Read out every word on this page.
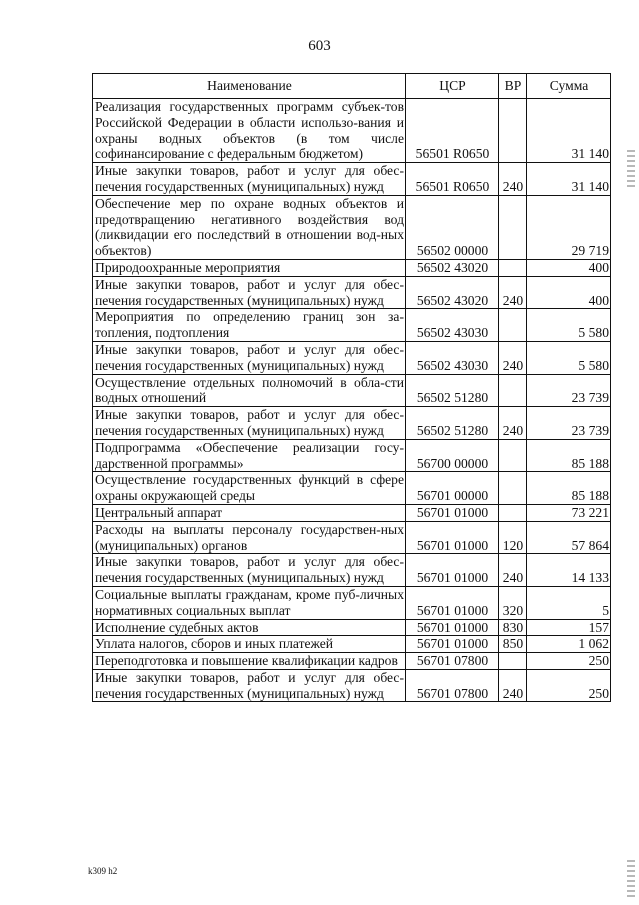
603
Наименование	ЦСР	ВР	Сумма
Реализация государственных программ субъек-тов Российской Федерации в области использо-вания и охраны водных объектов (в том числе софинансирование с федеральным бюджетом)	56501 R0650		31 140
Иные закупки товаров, работ и услуг для обес-печения государственных (муниципальных) нужд	56501 R0650	240	31 140
Обеспечение мер по охране водных объектов и предотвращению негативного воздействия вод (ликвидации его последствий в отношении вод-ных объектов)	56502 00000		29 719
Природоохранные мероприятия	56502 43020		400
Иные закупки товаров, работ и услуг для обес-печения государственных (муниципальных) нужд	56502 43020	240	400
Мероприятия по определению границ зон за-топления, подтопления	56502 43030		5 580
Иные закупки товаров, работ и услуг для обес-печения государственных (муниципальных) нужд	56502 43030	240	5 580
Осуществление отдельных полномочий в обла-сти водных отношений	56502 51280		23 739
Иные закупки товаров, работ и услуг для обес-печения государственных (муниципальных) нужд	56502 51280	240	23 739
Подпрограмма «Обеспечение реализации госу-дарственной программы»	56700 00000		85 188
Осуществление государственных функций в сфере охраны окружающей среды	56701 00000		85 188
Центральный аппарат	56701 01000		73 221
Расходы на выплаты персоналу государствен-ных (муниципальных) органов	56701 01000	120	57 864
Иные закупки товаров, работ и услуг для обес-печения государственных (муниципальных) нужд	56701 01000	240	14 133
Социальные выплаты гражданам, кроме пуб-личных нормативных социальных выплат	56701 01000	320	5
Исполнение судебных актов	56701 01000	830	157
Уплата налогов, сборов и иных платежей	56701 01000	850	1 062
Переподготовка и повышение квалификации кадров	56701 07800		250
Иные закупки товаров, работ и услуг для обес-печения государственных (муниципальных) нужд	56701 07800	240	250
k309 h2
